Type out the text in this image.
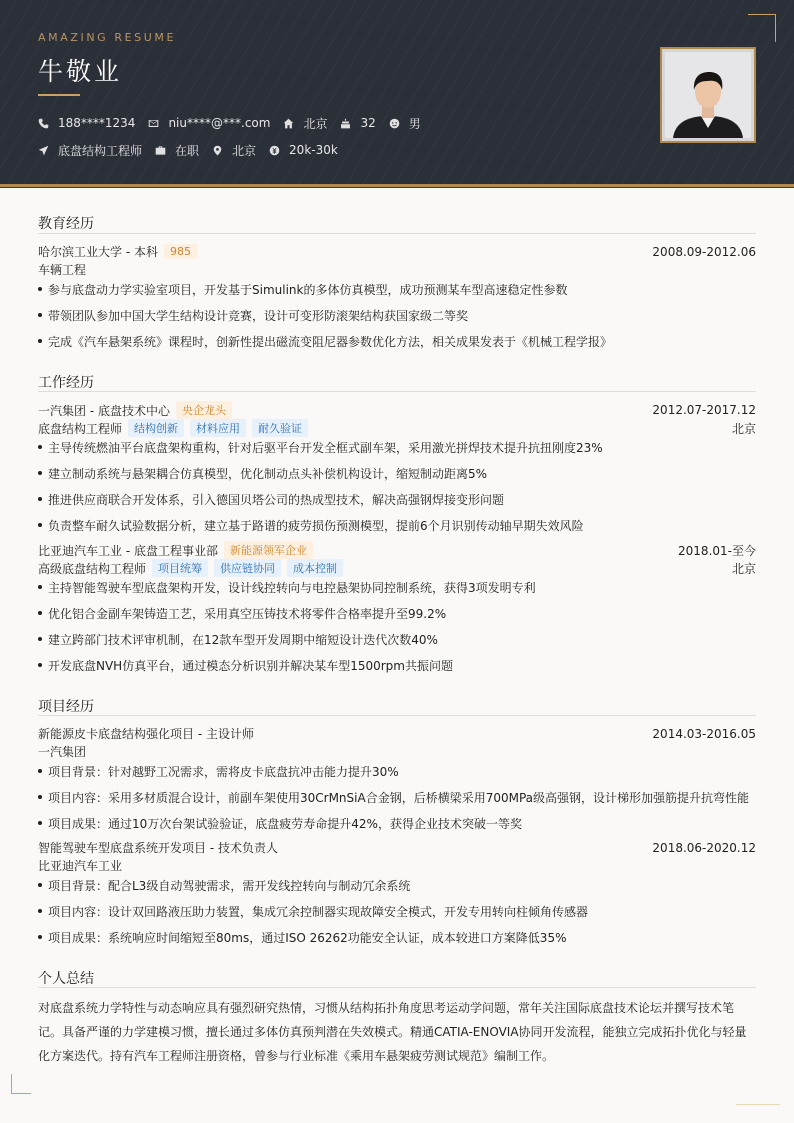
AMAZING RESUME
牛敬业
188****1234	niu****@***.com	北京	32	男
底盘结构工程师	在职	北京	20k-30k
教育经历
哈尔滨工业大学 - 本科	985	2008.09-2012.06
车辆工程
参与底盘动力学实验室项目，开发基于Simulink的多体仿真模型，成功预测某车型高速稳定性参数
带领团队参加中国大学生结构设计竞赛，设计可变形防滚架结构获国家级二等奖
完成《汽车悬架系统》课程时，创新性提出磁流变阻尼器参数优化方法，相关成果发表于《机械工程学报》
工作经历
一汽集团 - 底盘技术中心	央企龙头	2012.07-2017.12
底盘结构工程师	结构创新	材料应用	耐久验证	北京
主导传统燃油平台底盘架构重构，针对后驱平台开发全框式副车架，采用激光拼焊技术提升抗扭刚度23%
建立制动系统与悬架耦合仿真模型，优化制动点头补偿机构设计，缩短制动距离5%
推进供应商联合开发体系，引入德国贝塔公司的热成型技术，解决高强钢焊接变形问题
负责整车耐久试验数据分析，建立基于路谱的疲劳损伤预测模型，提前6个月识别传动轴早期失效风险
比亚迪汽车工业 - 底盘工程事业部	新能源领军企业	2018.01-至今
高级底盘结构工程师	项目统筹	供应链协同	成本控制	北京
主持智能驾驶车型底盘架构开发，设计线控转向与电控悬架协同控制系统，获得3项发明专利
优化铝合金副车架铸造工艺，采用真空压铸技术将零件合格率提升至99.2%
建立跨部门技术评审机制，在12款车型开发周期中缩短设计迭代次数40%
开发底盘NVH仿真平台，通过模态分析识别并解决某车型1500rpm共振问题
项目经历
新能源皮卡底盘结构强化项目 - 主设计师	2014.03-2016.05
一汽集团
项目背景：针对越野工况需求，需将皮卡底盘抗冲击能力提升30%
项目内容：采用多材质混合设计，前副车架使用30CrMnSiA合金钢，后桥横梁采用700MPa级高强钢，设计梯形加强筋提升抗弯性能
项目成果：通过10万次台架试验验证，底盘疲劳寿命提升42%，获得企业技术突破一等奖
智能驾驶车型底盘系统开发项目 - 技术负责人	2018.06-2020.12
比亚迪汽车工业
项目背景：配合L3级自动驾驶需求，需开发线控转向与制动冗余系统
项目内容：设计双回路液压助力装置，集成冗余控制器实现故障安全模式，开发专用转向柱倾角传感器
项目成果：系统响应时间缩短至80ms，通过ISO 26262功能安全认证，成本较进口方案降低35%
个人总结
对底盘系统力学特性与动态响应具有强烈研究热情，习惯从结构拓扑角度思考运动学问题，常年关注国际底盘技术论坛并撰写技术笔记。具备严谨的力学建模习惯，擅长通过多体仿真预判潜在失效模式。精通CATIA-ENOVIA协同开发流程，能独立完成拓扑优化与轻量化方案迭代。持有汽车工程师注册资格，曾参与行业标准《乘用车悬架疲劳测试规范》编制工作。
